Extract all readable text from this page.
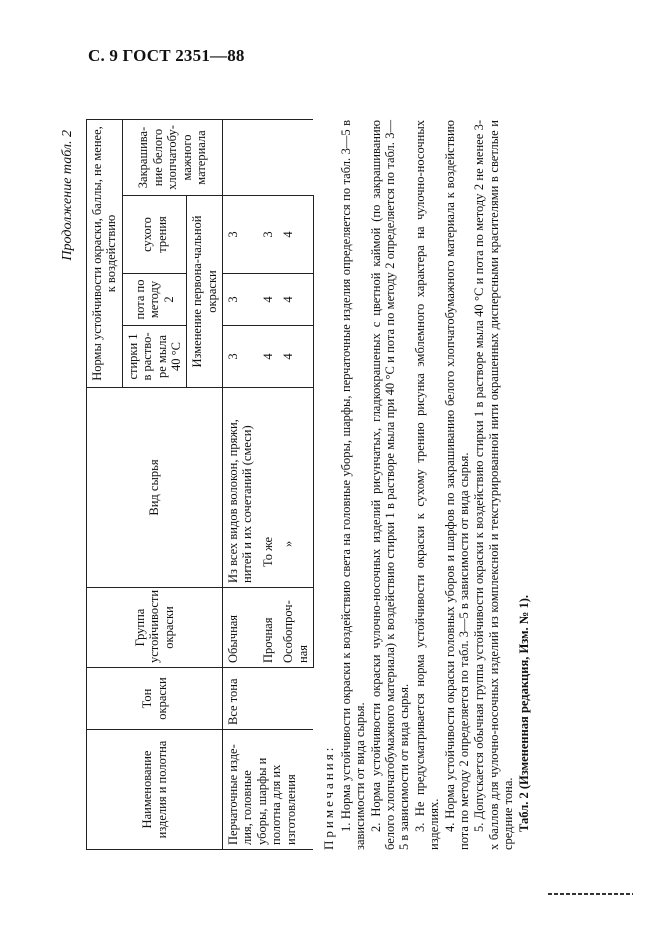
С. 9 ГОСТ 2351—88
Продолжение табл. 2
Наименование изделия и полотна	Тон окраски	Группа устойчивости окраски	Вид сырья	Нормы устойчивости окраски, баллы, не менее, к воздействию			
				стирки 1 в раство-ре мыла 40 °С	пота по методу 2	сухого трения	Закрашива-ние белого хлопчатобу-мажного материала
				Изменение первона-чальной окраски			
Перчаточные изде-лия, головные уборы, шарфы и полотна для их изготовления	Все тона	Обычная	Из всех видов волокон, пряжи, нитей и их сочетаний (смеси)	3	3	3	
		Прочная	То же	4	4	3	
		Особопроч-ная	»	4	4	4	
Примечания: 1. Норма устойчивости окраски к воздействию света на головные уборы, шарфы, перчаточные изделия определяется по табл. 3—5 в зависимости от вида сырья. 2. Норма устойчивости окраски чулочно-носочных изделий рисунчатых, гладкокрашеных с цветной каймой (по закрашиванию белого хлопчатобумажного материала) к воздействию стирки 1 в растворе мыла при 40 °С и пота по методу 2 определяется по табл. 3—5 в зависимости от вида сырья. 3. Не предусматривается норма устойчивости окраски к сухому трению рисунка эмблемного характера на чулочно-носочных изделиях. 4. Норма устойчивости окраски головных уборов и шарфов по закрашиванию белого хлопчатобумажного материала к воздействию пота по методу 2 определяется по табл. 3—5 в зависимости от вида сырья. 5. Допускается обычная группа устойчивости окраски к воздействию стирки 1 в растворе мыла 40 °С и пота по методу 2 не менее 3-х баллов для чулочно-носочных изделий из комплексной и текстурированной нити окрашенных дисперсными красителями в светлые и средние тона. Табл. 2 (Измененная редакция, Изм. № 1).
